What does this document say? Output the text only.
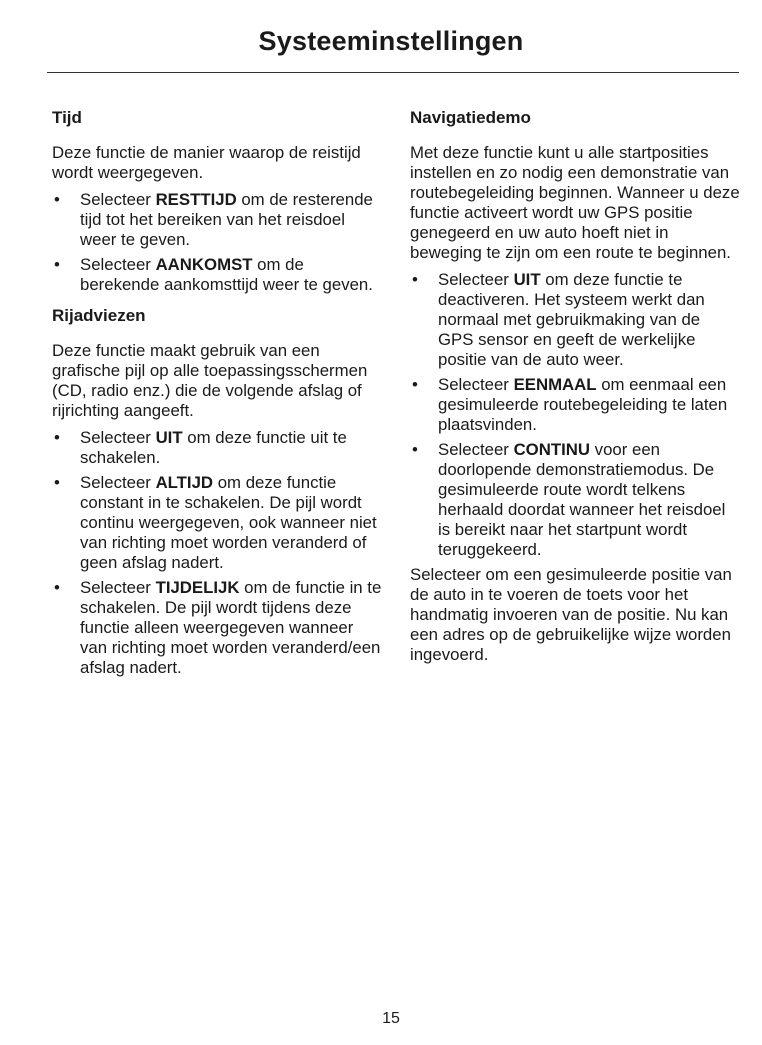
Systeeminstellingen
Tijd

Deze functie de manier waarop de reistijd wordt weergegeven.

• Selecteer RESTTIJD om de resterende tijd tot het bereiken van het reisdoel weer te geven.
• Selecteer AANKOMST om de berekende aankomsttijd weer te geven.
Rijadviezen

Deze functie maakt gebruik van een grafische pijl op alle toepassingsschermen (CD, radio enz.) die de volgende afslag of rijrichting aangeeft.

• Selecteer UIT om deze functie uit te schakelen.
• Selecteer ALTIJD om deze functie constant in te schakelen. De pijl wordt continu weergegeven, ook wanneer niet van richting moet worden veranderd of geen afslag nadert.
• Selecteer TIJDELIJK om de functie in te schakelen. De pijl wordt tijdens deze functie alleen weergegeven wanneer van richting moet worden veranderd/een afslag nadert.
Navigatiedemo

Met deze functie kunt u alle startposities instellen en zo nodig een demonstratie van routebegeleiding beginnen. Wanneer u deze functie activeert wordt uw GPS positie genegeerd en uw auto hoeft niet in beweging te zijn om een route te beginnen.

• Selecteer UIT om deze functie te deactiveren. Het systeem werkt dan normaal met gebruikmaking van de GPS sensor en geeft de werkelijke positie van de auto weer.
• Selecteer EENMAAL om eenmaal een gesimuleerde routebegeleiding te laten plaatsvinden.
• Selecteer CONTINU voor een doorlopende demonstratiemodus. De gesimuleerde route wordt telkens herhaald doordat wanneer het reisdoel is bereikt naar het startpunt wordt teruggekeerd.

Selecteer om een gesimuleerde positie van de auto in te voeren de toets voor het handmatig invoeren van de positie. Nu kan een adres op de gebruikelijke wijze worden ingevoerd.

15
